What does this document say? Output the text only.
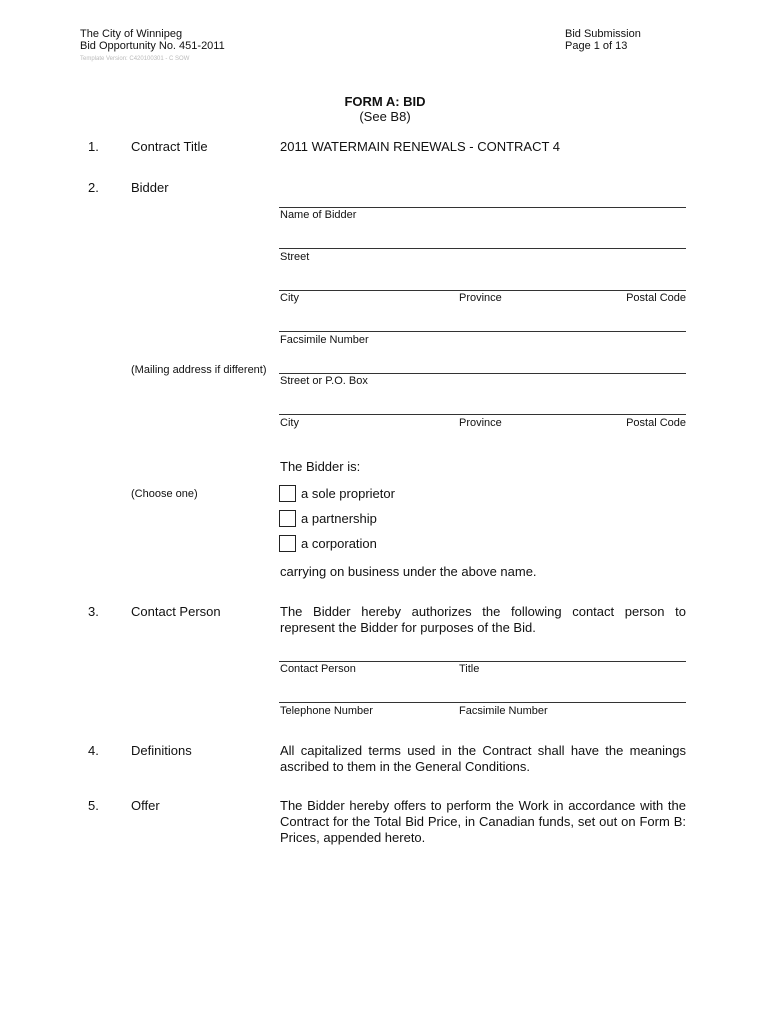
The City of Winnipeg
Bid Opportunity No. 451-2011
Template Version: C420100301 - C SOW
Bid Submission
Page 1 of 13
FORM A: BID
(See B8)
1. Contract Title	2011 WATERMAIN RENEWALS - CONTRACT 4
2. Bidder
Name of Bidder
Street
City	Province	Postal Code
Facsimile Number
(Mailing address if different)
Street or P.O. Box
City	Province	Postal Code
The Bidder is:
(Choose one)	a sole proprietor
a partnership
a corporation
carrying on business under the above name.
3. Contact Person	The Bidder hereby authorizes the following contact person to represent the Bidder for purposes of the Bid.
Contact Person	Title
Telephone Number	Facsimile Number
4. Definitions	All capitalized terms used in the Contract shall have the meanings ascribed to them in the General Conditions.
5. Offer	The Bidder hereby offers to perform the Work in accordance with the Contract for the Total Bid Price, in Canadian funds, set out on Form B: Prices, appended hereto.
